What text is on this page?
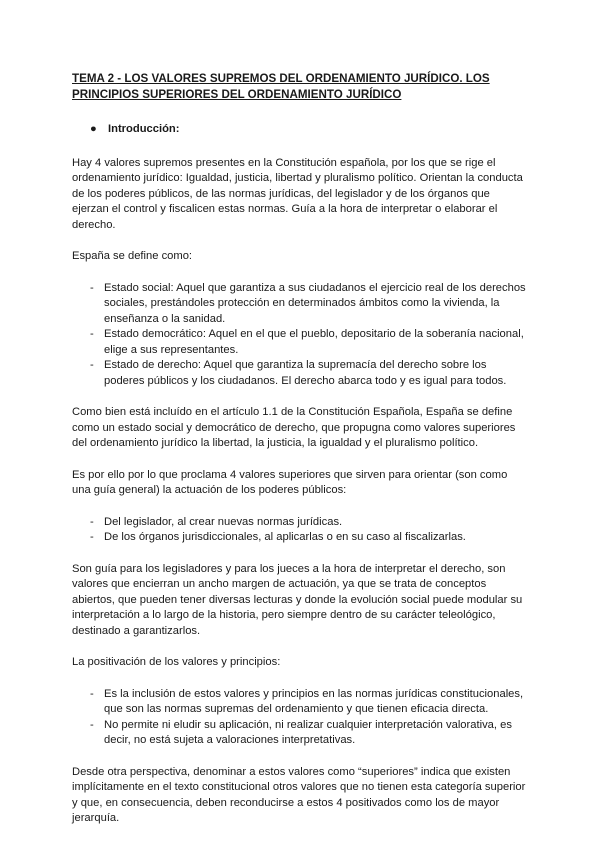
TEMA 2 - LOS VALORES SUPREMOS DEL ORDENAMIENTO JURÍDICO. LOS PRINCIPIOS SUPERIORES DEL ORDENAMIENTO JURÍDICO
● Introducción:

Hay 4 valores supremos presentes en la Constitución española, por los que se rige el ordenamiento jurídico: Igualdad, justicia, libertad y pluralismo político. Orientan la conducta de los poderes públicos, de las normas jurídicas, del legislador y de los órganos que ejerzan el control y fiscalicen estas normas. Guía a la hora de interpretar o elaborar el derecho.

España se define como:

- Estado social: Aquel que garantiza a sus ciudadanos el ejercicio real de los derechos sociales, prestándoles protección en determinados ámbitos como la vivienda, la enseñanza o la sanidad.
- Estado democrático: Aquel en el que el pueblo, depositario de la soberanía nacional, elige a sus representantes.
- Estado de derecho: Aquel que garantiza la supremacía del derecho sobre los poderes públicos y los ciudadanos. El derecho abarca todo y es igual para todos.

Como bien está incluído en el artículo 1.1 de la Constitución Española, España se define como un estado social y democrático de derecho, que propugna como valores superiores del ordenamiento jurídico la libertad, la justicia, la igualdad y el pluralismo político.

Es por ello por lo que proclama 4 valores superiores que sirven para orientar (son como una guía general) la actuación de los poderes públicos:

- Del legislador, al crear nuevas normas jurídicas.
- De los órganos jurisdiccionales, al aplicarlas o en su caso al fiscalizarlas.

Son guía para los legisladores y para los jueces a la hora de interpretar el derecho, son valores que encierran un ancho margen de actuación, ya que se trata de conceptos abiertos, que pueden tener diversas lecturas y donde la evolución social puede modular su interpretación a lo largo de la historia, pero siempre dentro de su carácter teleológico, destinado a garantizarlos.

La positivación de los valores y principios:

- Es la inclusión de estos valores y principios en las normas jurídicas constitucionales, que son las normas supremas del ordenamiento y que tienen eficacia directa.
- No permite ni eludir su aplicación, ni realizar cualquier interpretación valorativa, es decir, no está sujeta a valoraciones interpretativas.

Desde otra perspectiva, denominar a estos valores como “superiores” indica que existen implícitamente en el texto constitucional otros valores que no tienen esta categoría superior y que, en consecuencia, deben reconducirse a estos 4 positivados como los de mayor jerarquía.
